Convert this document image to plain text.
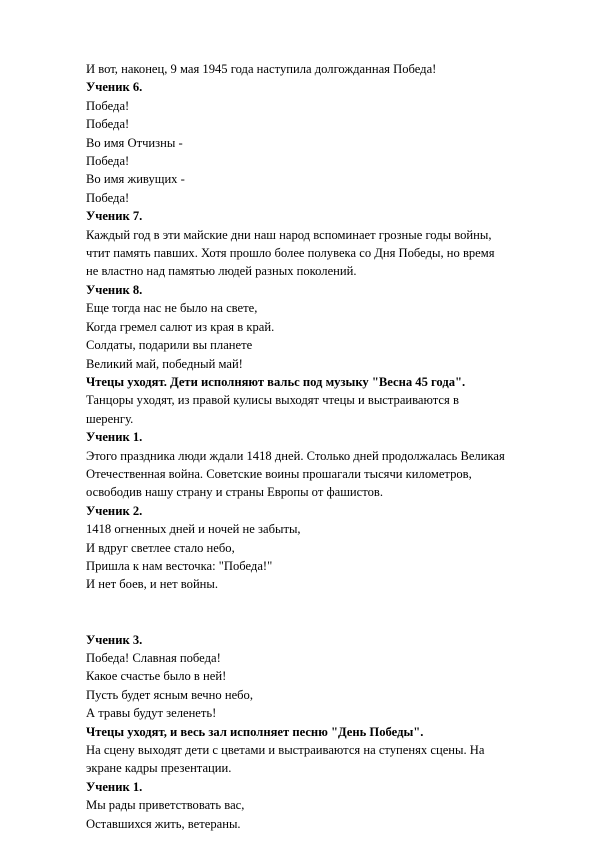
И вот, наконец, 9 мая 1945 года наступила долгожданная Победа!
Ученик 6.
Победа!
Победа!
Во имя Отчизны -
Победа!
Во имя живущих -
Победа!
Ученик 7.
Каждый год в эти майские дни наш народ вспоминает грозные годы войны,
чтит память павших. Хотя прошло более полувека со Дня Победы, но время
не властно над памятью людей разных поколений.
Ученик 8.
Еще тогда нас не было на свете,
Когда гремел салют из края в край.
Солдаты, подарили вы планете
Великий май, победный май!
Чтецы уходят. Дети исполняют вальс под музыку "Весна 45 года".
Танцоры уходят, из правой кулисы выходят чтецы и выстраиваются в
шеренгу.
Ученик 1.
Этого праздника люди ждали 1418 дней. Столько дней продолжалась Великая
Отечественная война. Советские воины прошагали тысячи километров,
освободив нашу страну и страны Европы от фашистов.
Ученик 2.
1418 огненных дней и ночей не забыты,
И вдруг светлее стало небо,
Пришла к нам весточка: "Победа!"
И нет боев, и нет войны.
Ученик 3.
Победа! Славная победа!
Какое счастье было в ней!
Пусть будет ясным вечно небо,
А травы будут зеленеть!
Чтецы уходят, и весь зал исполняет песню "День Победы".
На сцену выходят дети с цветами и выстраиваются на ступенях сцены. На
экране кадры презентации.
Ученик 1.
Мы рады приветствовать вас,
Оставшихся жить, ветераны.
